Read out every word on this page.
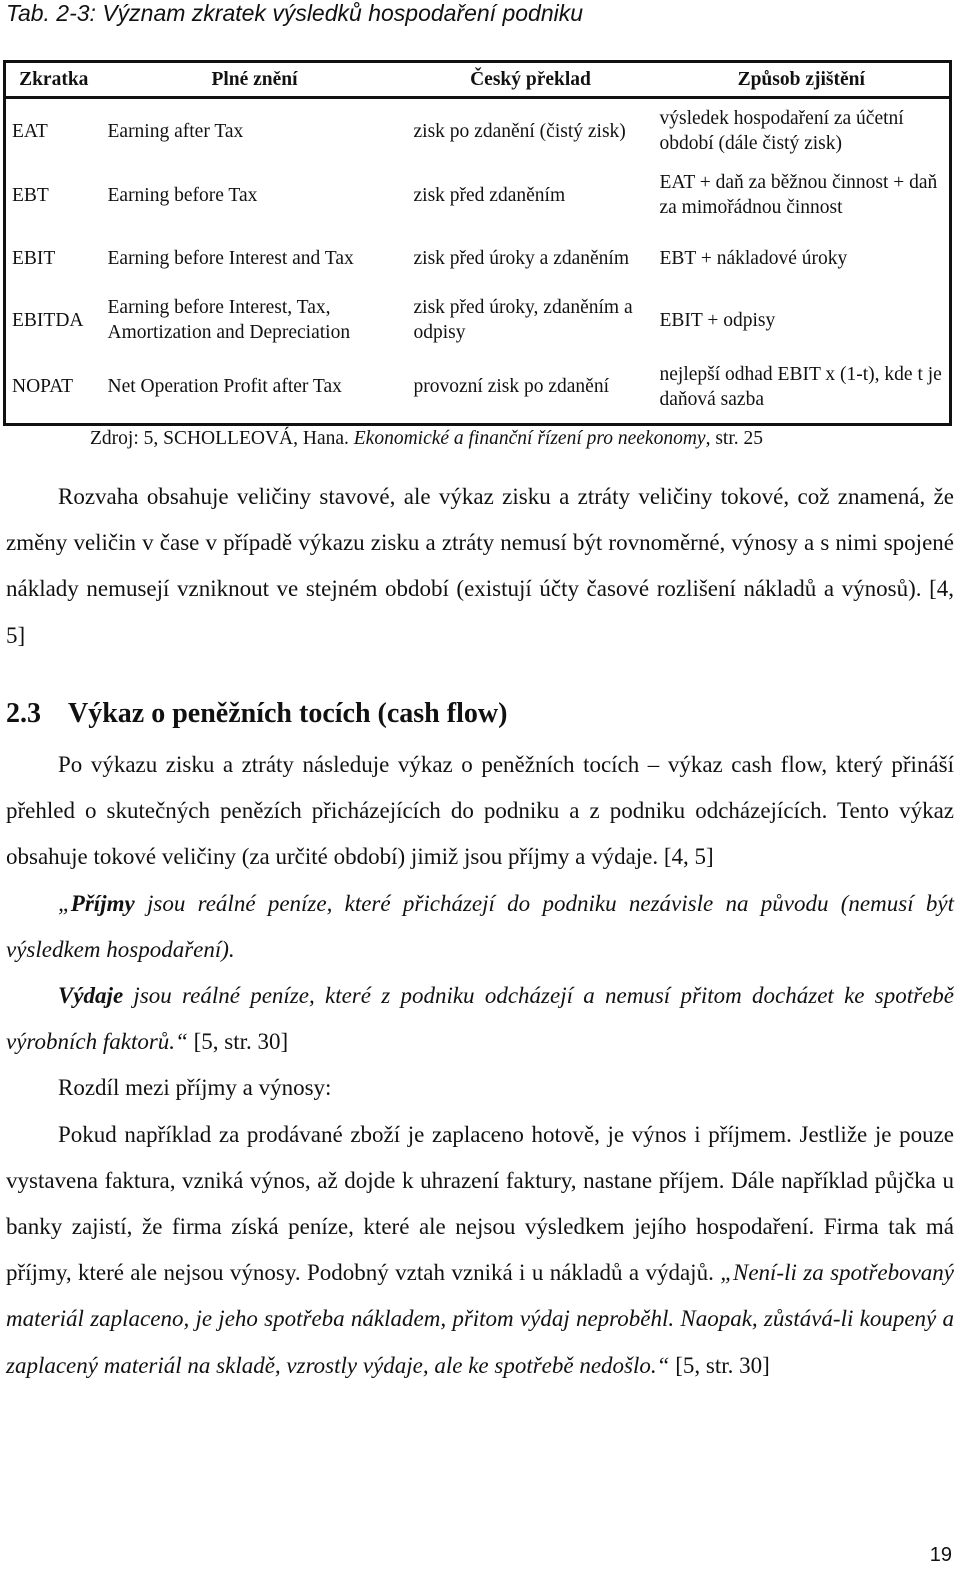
Tab. 2-3: Význam zkratek výsledků hospodaření podniku
Zkratka	Plné znění	Český překlad	Způsob zjištění
EAT	Earning after Tax	zisk po zdanění (čistý zisk)	výsledek hospodaření za účetní období (dále čistý zisk)
EBT	Earning before Tax	zisk před zdaněním	EAT + daň za běžnou činnost + daň za mimořádnou činnost
EBIT	Earning before Interest and Tax	zisk před úroky a zdaněním	EBT + nákladové úroky
EBITDA	Earning before Interest, Tax, Amortization and Depreciation	zisk před úroky, zdaněním a odpisy	EBIT + odpisy
NOPAT	Net Operation Profit after Tax	provozní zisk po zdanění	nejlepší odhad EBIT x (1-t), kde t je daňová sazba
Zdroj: 5, SCHOLLEOVÁ, Hana. Ekonomické a finanční řízení pro neekonomy, str. 25

Rozvaha obsahuje veličiny stavové, ale výkaz zisku a ztráty veličiny tokové, což znamená, že změny veličin v čase v případě výkazu zisku a ztráty nemusí být rovnoměrné, výnosy a s nimi spojené náklady nemusejí vzniknout ve stejném období (existují účty časové rozlišení nákladů a výnosů). [4, 5]

2.3 Výkaz o peněžních tocích (cash flow)

Po výkazu zisku a ztráty následuje výkaz o peněžních tocích – výkaz cash flow, který přináší přehled o skutečných penězích přicházejících do podniku a z podniku odcházejících. Tento výkaz obsahuje tokové veličiny (za určité období) jimiž jsou příjmy a výdaje. [4, 5]

„Příjmy jsou reálné peníze, které přicházejí do podniku nezávisle na původu (nemusí být výsledkem hospodaření).

Výdaje jsou reálné peníze, které z podniku odcházejí a nemusí přitom docházet ke spotřebě výrobních faktorů.“ [5, str. 30]

Rozdíl mezi příjmy a výnosy:

Pokud například za prodávané zboží je zaplaceno hotově, je výnos i příjmem. Jestliže je pouze vystavena faktura, vzniká výnos, až dojde k uhrazení faktury, nastane příjem. Dále například půjčka u banky zajistí, že firma získá peníze, které ale nejsou výsledkem jejího hospodaření. Firma tak má příjmy, které ale nejsou výnosy. Podobný vztah vzniká i u nákladů a výdajů. „Není-li za spotřebovaný materiál zaplaceno, je jeho spotřeba nákladem, přitom výdaj neproběhl. Naopak, zůstává-li koupený a zaplacený materiál na skladě, vzrostly výdaje, ale ke spotřebě nedošlo.“ [5, str. 30]

19
